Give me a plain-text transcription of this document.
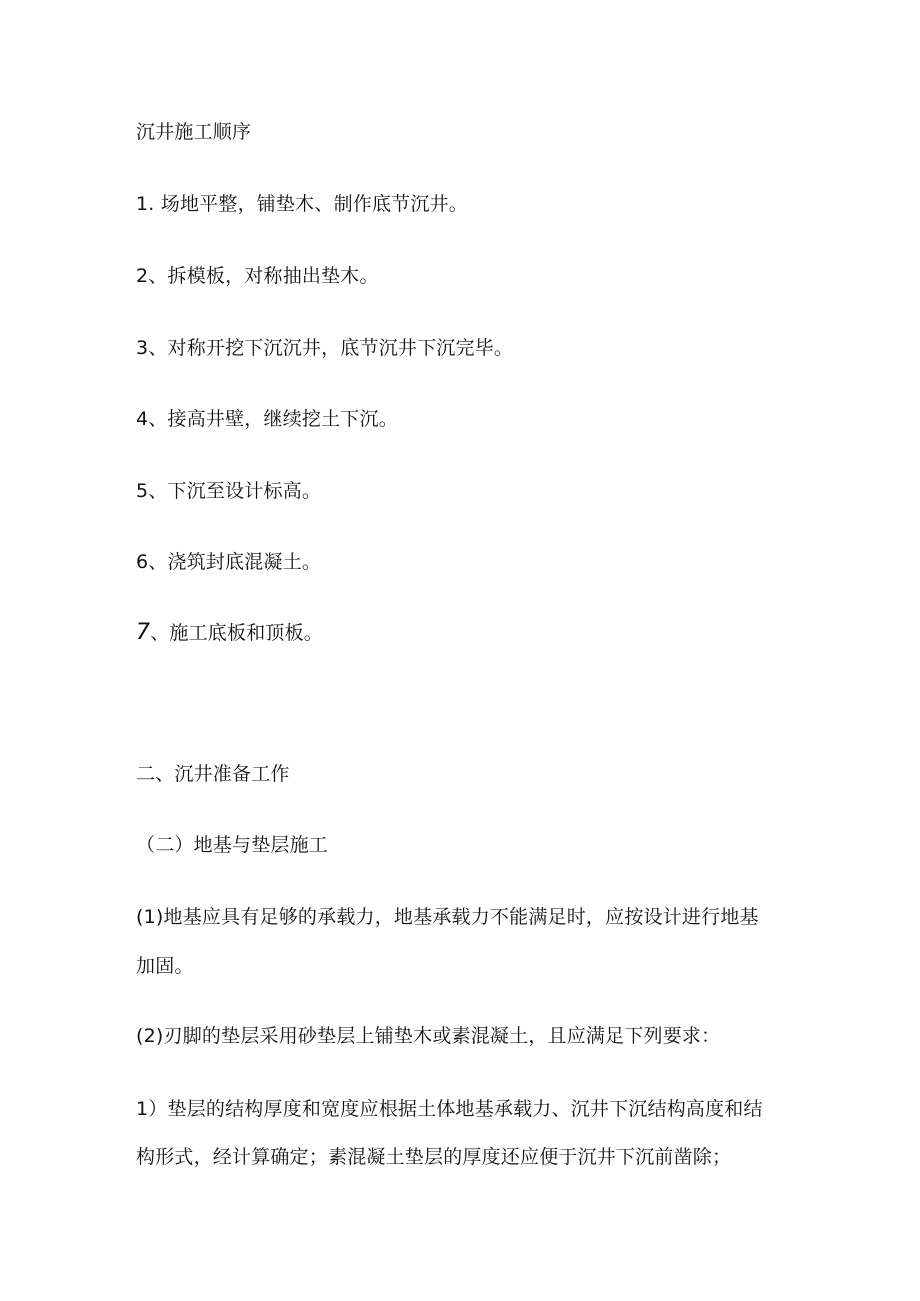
沉井施工顺序
1. 场地平整，铺垫木、制作底节沉井。
2、拆模板，对称抽出垫木。
3、对称开挖下沉沉井，底节沉井下沉完毕。
4、接高井壁，继续挖土下沉。
5、下沉至设计标高。
6、浇筑封底混凝土。
7、施工底板和顶板。
二、沉井准备工作
（二）地基与垫层施工
(1)地基应具有足够的承载力，地基承载力不能满足时，应按设计进行地基
加固。
(2)刃脚的垫层采用砂垫层上铺垫木或素混凝土，且应满足下列要求：
1）垫层的结构厚度和宽度应根据土体地基承载力、沉井下沉结构高度和结
构形式，经计算确定；素混凝土垫层的厚度还应便于沉井下沉前凿除；
